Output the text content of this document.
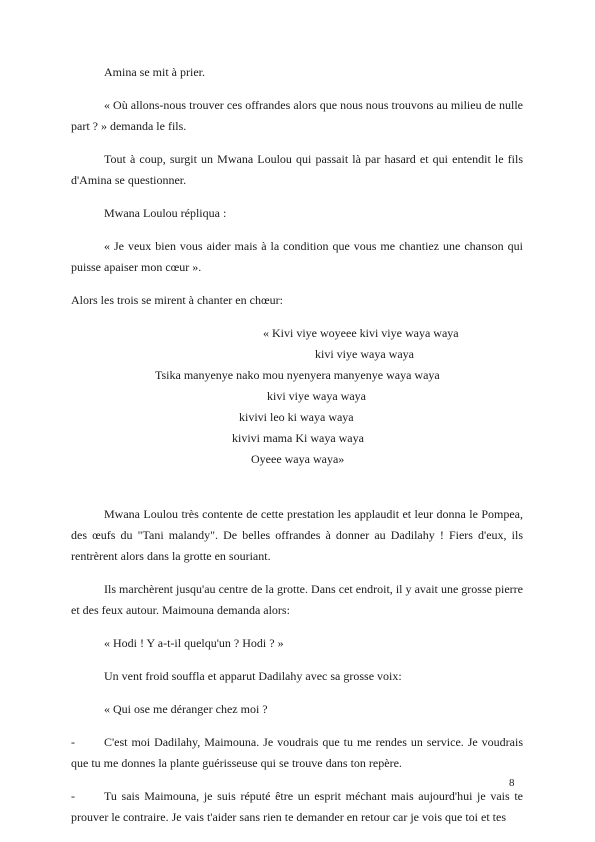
Amina se mit à prier.

« Où allons-nous trouver ces offrandes alors que nous nous trouvons au milieu de nulle part ? » demanda le fils.

Tout à coup, surgit un Mwana Loulou qui passait là par hasard et qui entendit le fils d'Amina se questionner.

Mwana Loulou répliqua :

« Je veux bien vous aider mais à la condition que vous me chantiez une chanson qui puisse apaiser mon cœur ».

Alors les trois se mirent à chanter en chœur:

« Kivi viye woyeee kivi viye waya waya
kivi viye waya waya
Tsika manyenye nako mou nyenyera manyenye waya waya
kivi viye waya waya
kivivi leo ki waya waya
kivivi mama Ki waya waya
Oyeee waya waya»

Mwana Loulou très contente de cette prestation les applaudit et leur donna le Pompea, des œufs du "Tani malandy". De belles offrandes à donner au Dadilahy ! Fiers d'eux, ils rentrèrent alors dans la grotte en souriant.

Ils marchèrent jusqu'au centre de la grotte. Dans cet endroit, il y avait une grosse pierre et des feux autour. Maimouna demanda alors:

« Hodi ! Y a-t-il quelqu'un ? Hodi ? »

Un vent froid souffla et apparut Dadilahy avec sa grosse voix:

« Qui ose me déranger chez moi ?

- C'est moi Dadilahy, Maimouna. Je voudrais que tu me rendes un service. Je voudrais que tu me donnes la plante guérisseuse qui se trouve dans ton repère.

- Tu sais Maimouna, je suis réputé être un esprit méchant mais aujourd'hui je vais te prouver le contraire. Je vais t'aider sans rien te demander en retour car je vois que toi et tes

8
